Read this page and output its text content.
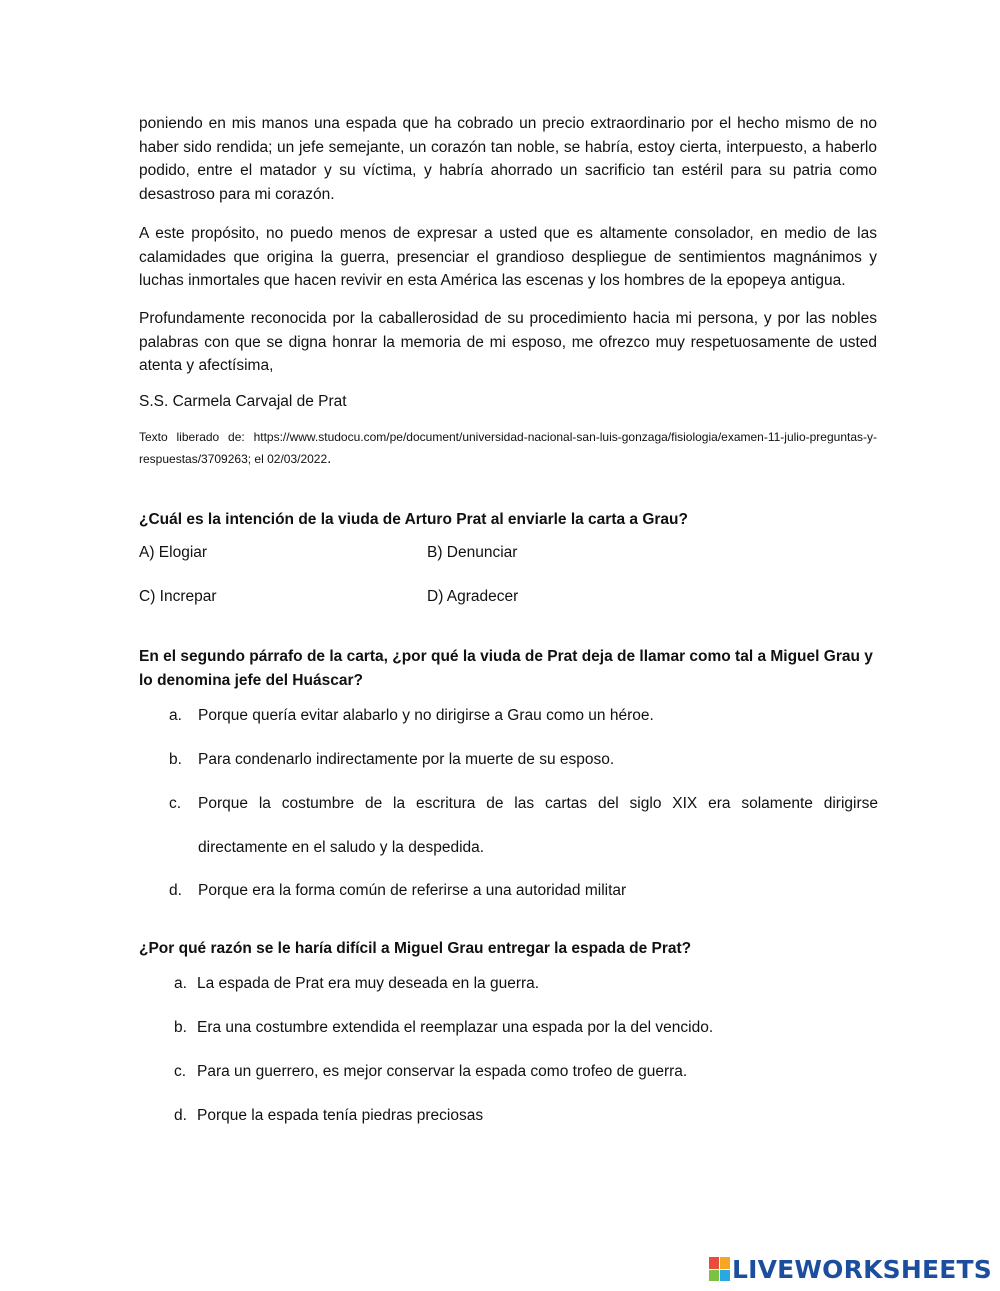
poniendo en mis manos una espada que ha cobrado un precio extraordinario por el hecho mismo de no haber sido rendida; un jefe semejante, un corazón tan noble, se habría, estoy cierta, interpuesto, a haberlo podido, entre el matador y su víctima, y habría ahorrado un sacrificio tan estéril para su patria como desastroso para mi corazón.

A este propósito, no puedo menos de expresar a usted que es altamente consolador, en medio de las calamidades que origina la guerra, presenciar el grandioso despliegue de sentimientos magnánimos y luchas inmortales que hacen revivir en esta América las escenas y los hombres de la epopeya antigua.

Profundamente reconocida por la caballerosidad de su procedimiento hacia mi persona, y por las nobles palabras con que se digna honrar la memoria de mi esposo, me ofrezco muy respetuosamente de usted atenta y afectísima,

S.S. Carmela Carvajal de Prat
Texto liberado de: https://www.studocu.com/pe/document/universidad-nacional-san-luis-gonzaga/fisiologia/examen-11-julio-preguntas-y-respuestas/3709263; el 02/03/2022.
¿Cuál es la intención de la viuda de Arturo Prat al enviarle la carta a Grau?
A) Elogiar	B) Denunciar
C) Increpar	D) Agradecer
En el segundo párrafo de la carta, ¿por qué la viuda de Prat deja de llamar como tal a Miguel Grau y lo denomina jefe del Huáscar?
a. Porque quería evitar alabarlo y no dirigirse a Grau como un héroe.
b. Para condenarlo indirectamente por la muerte de su esposo.
c. Porque la costumbre de la escritura de las cartas del siglo XIX era solamente dirigirse directamente en el saludo y la despedida.
d. Porque era la forma común de referirse a una autoridad militar
¿Por qué razón se le haría difícil a Miguel Grau entregar la espada de Prat?
a. La espada de Prat era muy deseada en la guerra.
b. Era una costumbre extendida el reemplazar una espada por la del vencido.
c. Para un guerrero, es mejor conservar la espada como trofeo de guerra.
d. Porque la espada tenía piedras preciosas
LIVEWORKSHEETS
